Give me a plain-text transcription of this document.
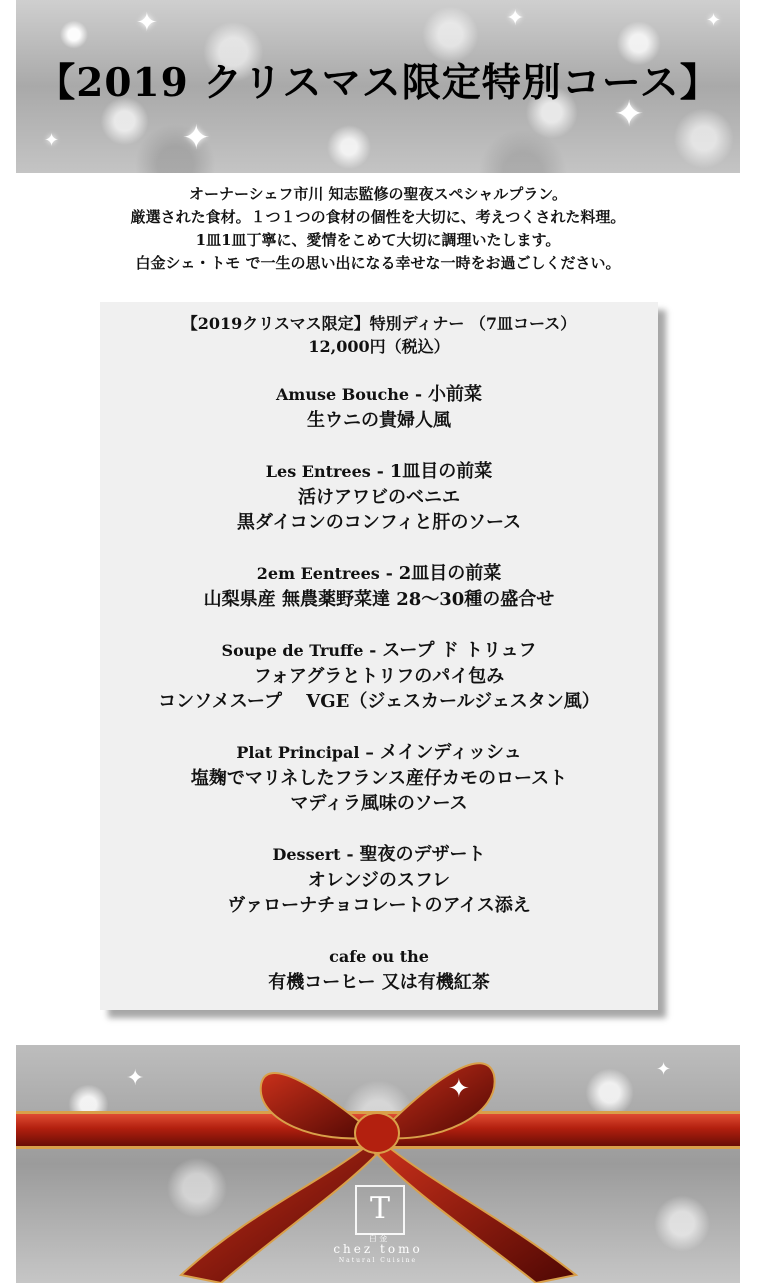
✦
✦
✦
✦
✦
✦
【2019 クリスマス限定特別コース】
オーナーシェフ市川 知志監修の聖夜スペシャルプラン。
厳選された食材。１つ１つの食材の個性を大切に、考えつくされた料理。
1皿1皿丁寧に、愛情をこめて大切に調理いたします。
白金シェ・トモ で一生の思い出になる幸せな一時をお過ごしください。
【2019クリスマス限定】特別ディナー （7皿コース）
12,000円（税込）
Amuse Bouche - 小前菜
生ウニの貴婦人風
Les Entrees - 1皿目の前菜
活けアワビのベニエ
黒ダイコンのコンフィと肝のソース
2em Eentrees - 2皿目の前菜
山梨県産 無農薬野菜達 28～30種の盛合せ
Soupe de Truffe - スープ ド トリュフ
フォアグラとトリフのパイ包み
コンソメスープ　 VGE（ジェスカールジェスタン風）
Plat Principal – メインディッシュ
塩麹でマリネしたフランス産仔カモのロースト
マディラ風味のソース
Dessert - 聖夜のデザート
オレンジのスフレ
ヴァローナチョコレートのアイス添え
cafe ou the
有機コーヒー 又は有機紅茶
✦	✦
✦
T
白 金
chez tomo
Natural Cuisine
